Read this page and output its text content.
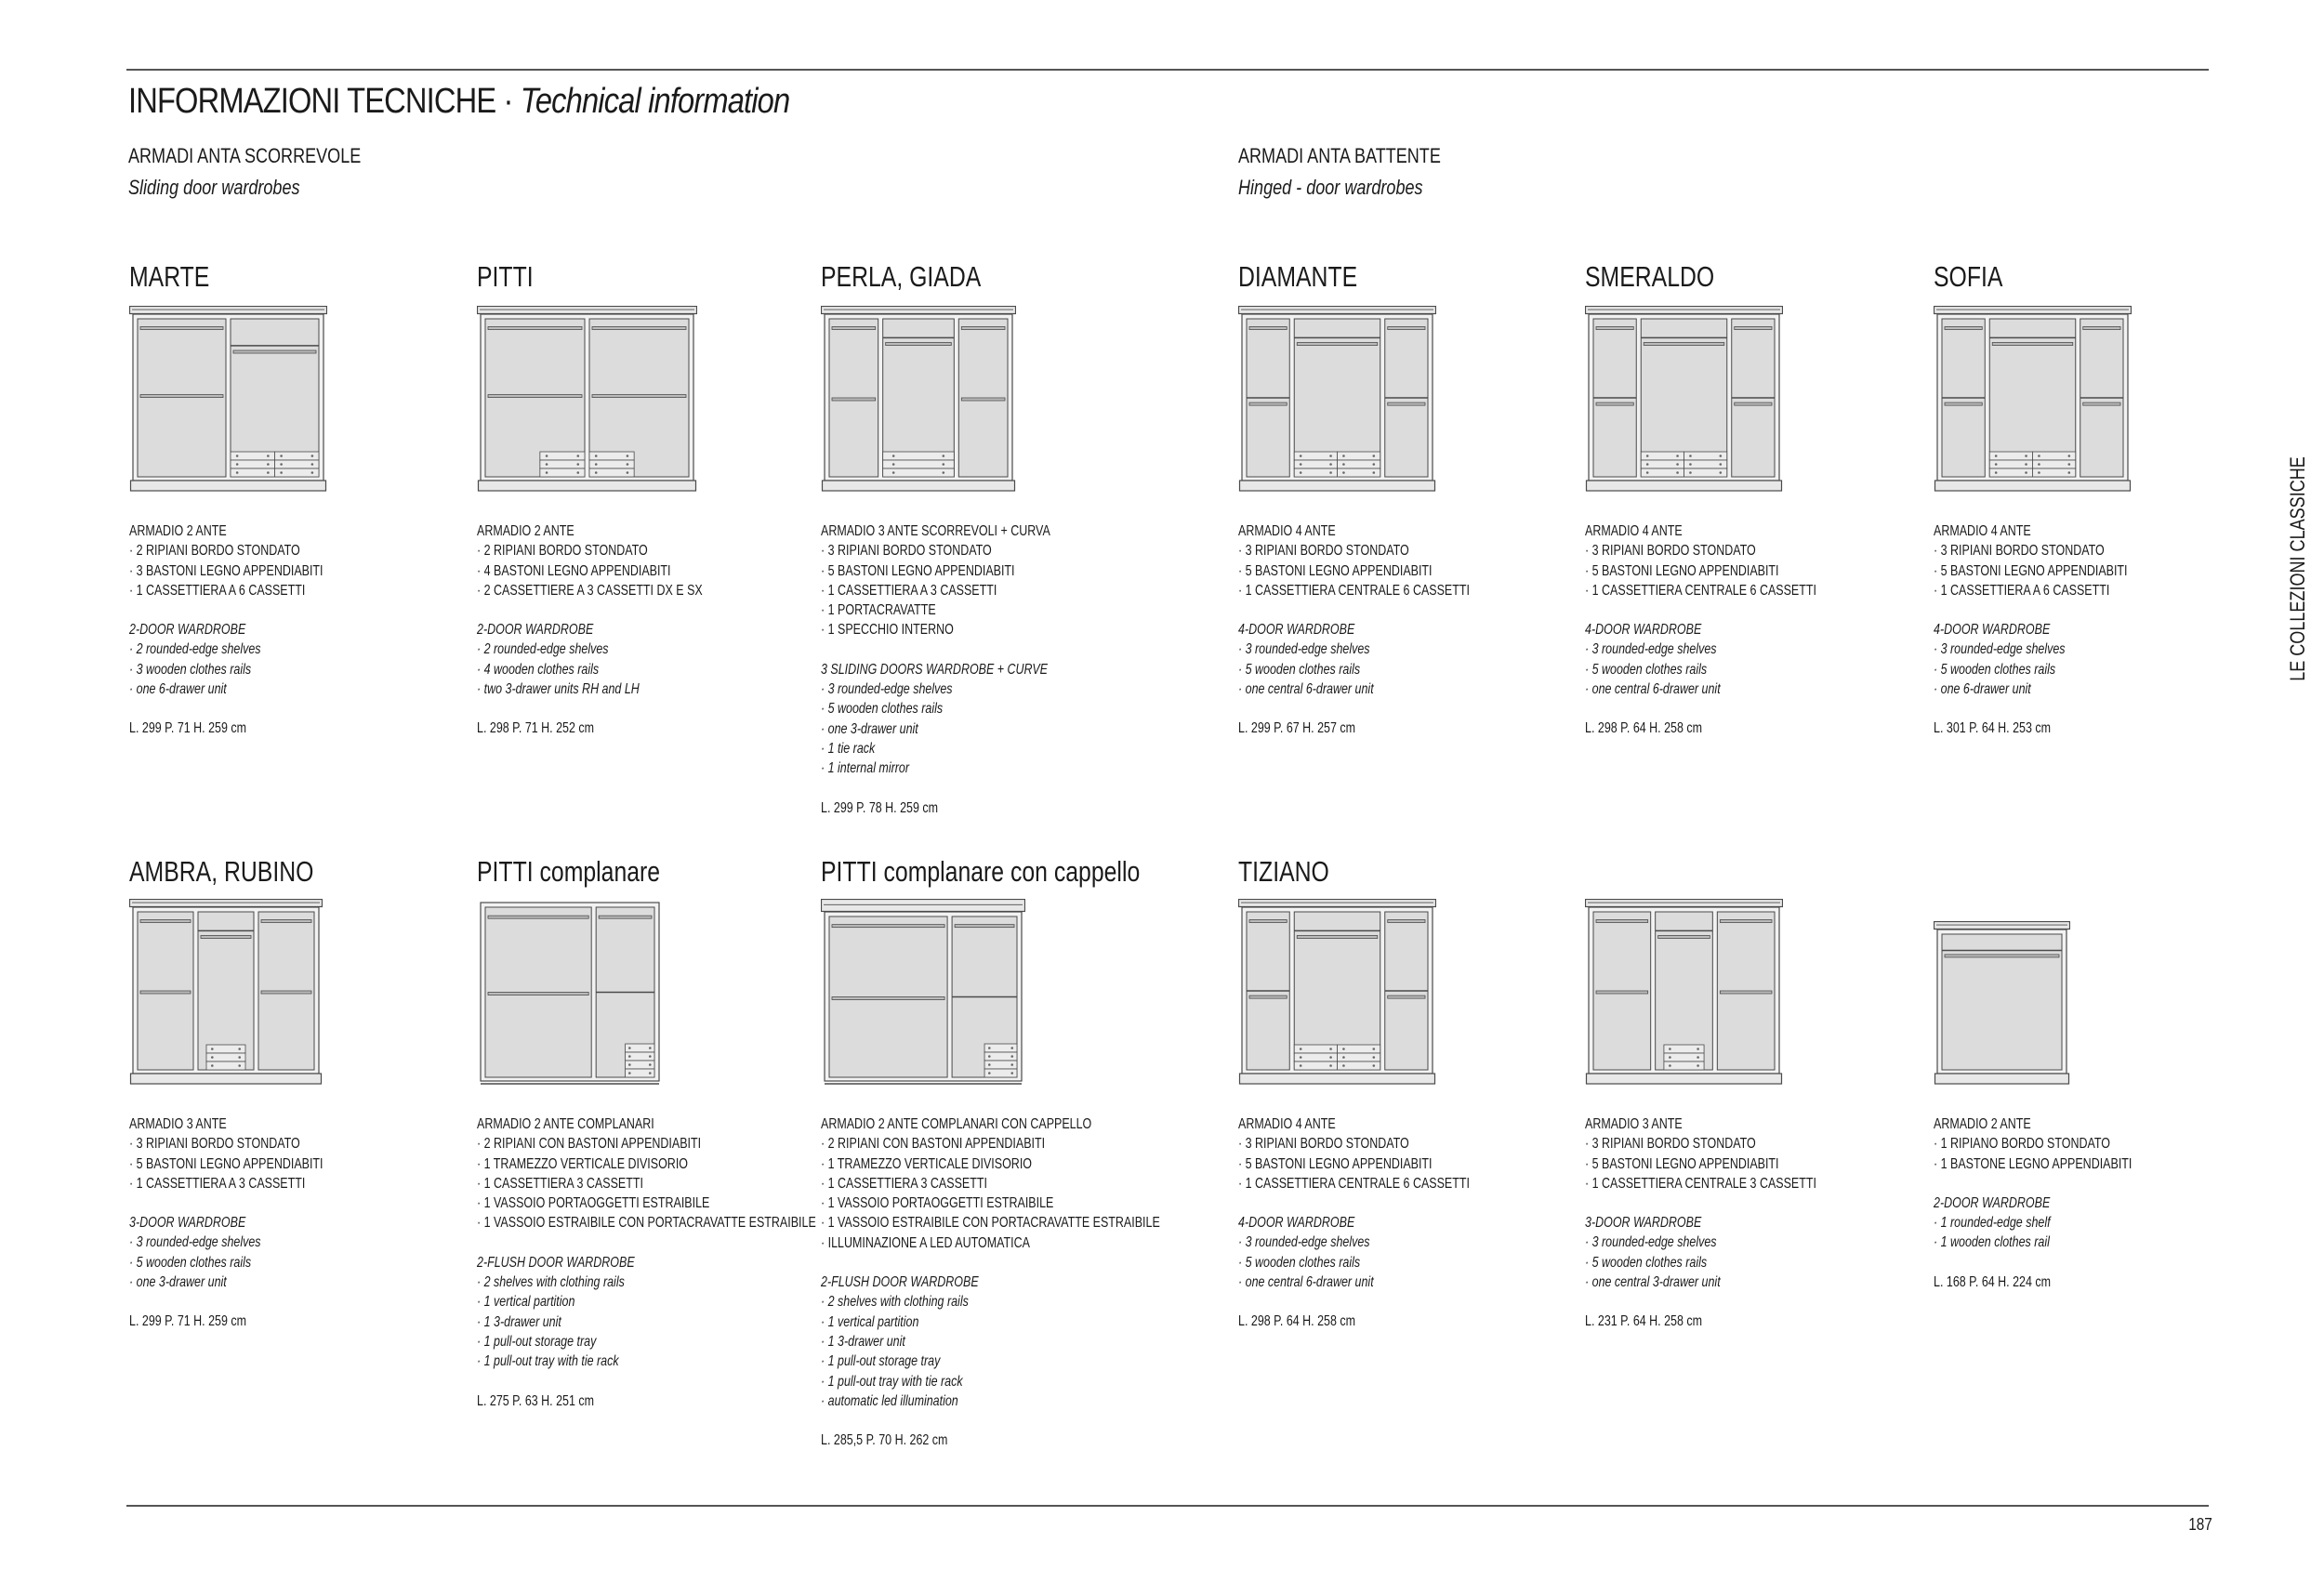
INFORMAZIONI TECNICHE · Technical information
ARMADI ANTA SCORREVOLE
Sliding door wardrobes
ARMADI ANTA BATTENTE
Hinged - door wardrobes
MARTE
ARMADIO 2 ANTE
· 2 RIPIANI BORDO STONDATO
· 3 BASTONI LEGNO APPENDIABITI
· 1 CASSETTIERA A 6 CASSETTI
2-DOOR WARDROBE
· 2 rounded-edge shelves
· 3 wooden clothes rails
· one 6-drawer unit
L. 299 P. 71 H. 259 cm
PITTI
ARMADIO 2 ANTE
· 2 RIPIANI BORDO STONDATO
· 4 BASTONI LEGNO APPENDIABITI
· 2 CASSETTIERE A 3 CASSETTI DX E SX
2-DOOR WARDROBE
· 2 rounded-edge shelves
· 4 wooden clothes rails
· two 3-drawer units RH and LH
L. 298 P. 71 H. 252 cm
PERLA, GIADA
ARMADIO 3 ANTE SCORREVOLI + CURVA
· 3 RIPIANI BORDO STONDATO
· 5 BASTONI LEGNO APPENDIABITI
· 1 CASSETTIERA A 3 CASSETTI
· 1 PORTACRAVATTE
· 1 SPECCHIO INTERNO
3 SLIDING DOORS WARDROBE + CURVE
· 3 rounded-edge shelves
· 5 wooden clothes rails
· one 3-drawer unit
· 1 tie rack
· 1 internal mirror
L. 299 P. 78 H. 259 cm
DIAMANTE
ARMADIO 4 ANTE
· 3 RIPIANI BORDO STONDATO
· 5 BASTONI LEGNO APPENDIABITI
· 1 CASSETTIERA CENTRALE 6 CASSETTI
4-DOOR WARDROBE
· 3 rounded-edge shelves
· 5 wooden clothes rails
· one central 6-drawer unit
L. 299 P. 67 H. 257 cm
SMERALDO
ARMADIO 4 ANTE
· 3 RIPIANI BORDO STONDATO
· 5 BASTONI LEGNO APPENDIABITI
· 1 CASSETTIERA CENTRALE 6 CASSETTI
4-DOOR WARDROBE
· 3 rounded-edge shelves
· 5 wooden clothes rails
· one central 6-drawer unit
L. 298 P. 64 H. 258 cm
SOFIA
ARMADIO 4 ANTE
· 3 RIPIANI BORDO STONDATO
· 5 BASTONI LEGNO APPENDIABITI
· 1 CASSETTIERA A 6 CASSETTI
4-DOOR WARDROBE
· 3 rounded-edge shelves
· 5 wooden clothes rails
· one 6-drawer unit
L. 301 P. 64 H. 253 cm
AMBRA, RUBINO
ARMADIO 3 ANTE
· 3 RIPIANI BORDO STONDATO
· 5 BASTONI LEGNO APPENDIABITI
· 1 CASSETTIERA A 3 CASSETTI
3-DOOR WARDROBE
· 3 rounded-edge shelves
· 5 wooden clothes rails
· one 3-drawer unit
L. 299 P. 71 H. 259 cm
PITTI complanare
ARMADIO 2 ANTE COMPLANARI
· 2 RIPIANI CON BASTONI APPENDIABITI
· 1 TRAMEZZO VERTICALE DIVISORIO
· 1 CASSETTIERA 3 CASSETTI
· 1 VASSOIO PORTAOGGETTI ESTRAIBILE
· 1 VASSOIO ESTRAIBILE CON PORTACRAVATTE ESTRAIBILE
2-FLUSH DOOR WARDROBE
· 2 shelves with clothing rails
· 1 vertical partition
· 1 3-drawer unit
· 1 pull-out storage tray
· 1 pull-out tray with tie rack
L. 275 P. 63 H. 251 cm
PITTI complanare con cappello
ARMADIO 2 ANTE COMPLANARI CON CAPPELLO
· 2 RIPIANI CON BASTONI APPENDIABITI
· 1 TRAMEZZO VERTICALE DIVISORIO
· 1 CASSETTIERA 3 CASSETTI
· 1 VASSOIO PORTAOGGETTI ESTRAIBILE
· 1 VASSOIO ESTRAIBILE CON PORTACRAVATTE ESTRAIBILE
· ILLUMINAZIONE A LED AUTOMATICA
2-FLUSH DOOR WARDROBE
· 2 shelves with clothing rails
· 1 vertical partition
· 1 3-drawer unit
· 1 pull-out storage tray
· 1 pull-out tray with tie rack
· automatic led illumination
L. 285,5 P. 70 H. 262 cm
TIZIANO
ARMADIO 4 ANTE
· 3 RIPIANI BORDO STONDATO
· 5 BASTONI LEGNO APPENDIABITI
· 1 CASSETTIERA CENTRALE 6 CASSETTI
4-DOOR WARDROBE
· 3 rounded-edge shelves
· 5 wooden clothes rails
· one central 6-drawer unit
L. 298 P. 64 H. 258 cm
ARMADIO 3 ANTE
· 3 RIPIANI BORDO STONDATO
· 5 BASTONI LEGNO APPENDIABITI
· 1 CASSETTIERA CENTRALE 3 CASSETTI
3-DOOR WARDROBE
· 3 rounded-edge shelves
· 5 wooden clothes rails
· one central 3-drawer unit
L. 231 P. 64 H. 258 cm
ARMADIO 2 ANTE
· 1 RIPIANO BORDO STONDATO
· 1 BASTONE LEGNO APPENDIABITI
2-DOOR WARDROBE
· 1 rounded-edge shelf
· 1 wooden clothes rail
L. 168 P. 64 H. 224 cm
LE COLLEZIONI CLASSICHE
187
